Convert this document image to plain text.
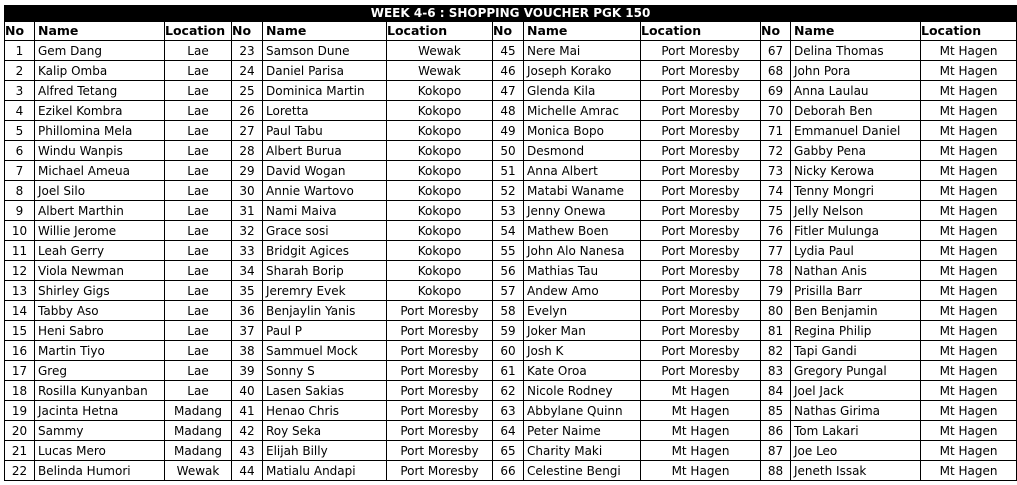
WEEK 4-6 : SHOPPING VOUCHER PGK 150											
No	Name	Location	No	Name	Location	No	Name	Location	No	Name	Location
1	Gem Dang	Lae	23	Samson Dune	Wewak	45	Nere Mai	Port Moresby	67	Delina Thomas	Mt Hagen
2	Kalip Omba	Lae	24	Daniel Parisa	Wewak	46	Joseph Korako	Port Moresby	68	John Pora	Mt Hagen
3	Alfred Tetang	Lae	25	Dominica Martin	Kokopo	47	Glenda Kila	Port Moresby	69	Anna Laulau	Mt Hagen
4	Ezikel Kombra	Lae	26	Loretta	Kokopo	48	Michelle Amrac	Port Moresby	70	Deborah Ben	Mt Hagen
5	Phillomina Mela	Lae	27	Paul Tabu	Kokopo	49	Monica Bopo	Port Moresby	71	Emmanuel Daniel	Mt Hagen
6	Windu Wanpis	Lae	28	Albert Burua	Kokopo	50	Desmond	Port Moresby	72	Gabby Pena	Mt Hagen
7	Michael Ameua	Lae	29	David Wogan	Kokopo	51	Anna Albert	Port Moresby	73	Nicky Kerowa	Mt Hagen
8	Joel Silo	Lae	30	Annie Wartovo	Kokopo	52	Matabi Waname	Port Moresby	74	Tenny Mongri	Mt Hagen
9	Albert Marthin	Lae	31	Nami Maiva	Kokopo	53	Jenny Onewa	Port Moresby	75	Jelly Nelson	Mt Hagen
10	Willie Jerome	Lae	32	Grace sosi	Kokopo	54	Mathew Boen	Port Moresby	76	Fitler Mulunga	Mt Hagen
11	Leah Gerry	Lae	33	Bridgit Agices	Kokopo	55	John Alo Nanesa	Port Moresby	77	Lydia Paul	Mt Hagen
12	Viola Newman	Lae	34	Sharah Borip	Kokopo	56	Mathias Tau	Port Moresby	78	Nathan Anis	Mt Hagen
13	Shirley Gigs	Lae	35	Jeremry Evek	Kokopo	57	Andew Amo	Port Moresby	79	Prisilla Barr	Mt Hagen
14	Tabby Aso	Lae	36	Benjaylin Yanis	Port Moresby	58	Evelyn	Port Moresby	80	Ben Benjamin	Mt Hagen
15	Heni Sabro	Lae	37	Paul P	Port Moresby	59	Joker Man	Port Moresby	81	Regina Philip	Mt Hagen
16	Martin Tiyo	Lae	38	Sammuel Mock	Port Moresby	60	Josh K	Port Moresby	82	Tapi Gandi	Mt Hagen
17	Greg	Lae	39	Sonny S	Port Moresby	61	Kate Oroa	Port Moresby	83	Gregory Pungal	Mt Hagen
18	Rosilla Kunyanban	Lae	40	Lasen Sakias	Port Moresby	62	Nicole Rodney	Mt Hagen	84	Joel Jack	Mt Hagen
19	Jacinta Hetna	Madang	41	Henao Chris	Port Moresby	63	Abbylane Quinn	Mt Hagen	85	Nathas Girima	Mt Hagen
20	Sammy	Madang	42	Roy Seka	Port Moresby	64	Peter Naime	Mt Hagen	86	Tom Lakari	Mt Hagen
21	Lucas Mero	Madang	43	Elijah Billy	Port Moresby	65	Charity Maki	Mt Hagen	87	Joe Leo	Mt Hagen
22	Belinda Humori	Wewak	44	Matialu Andapi	Port Moresby	66	Celestine Bengi	Mt Hagen	88	Jeneth Issak	Mt Hagen
